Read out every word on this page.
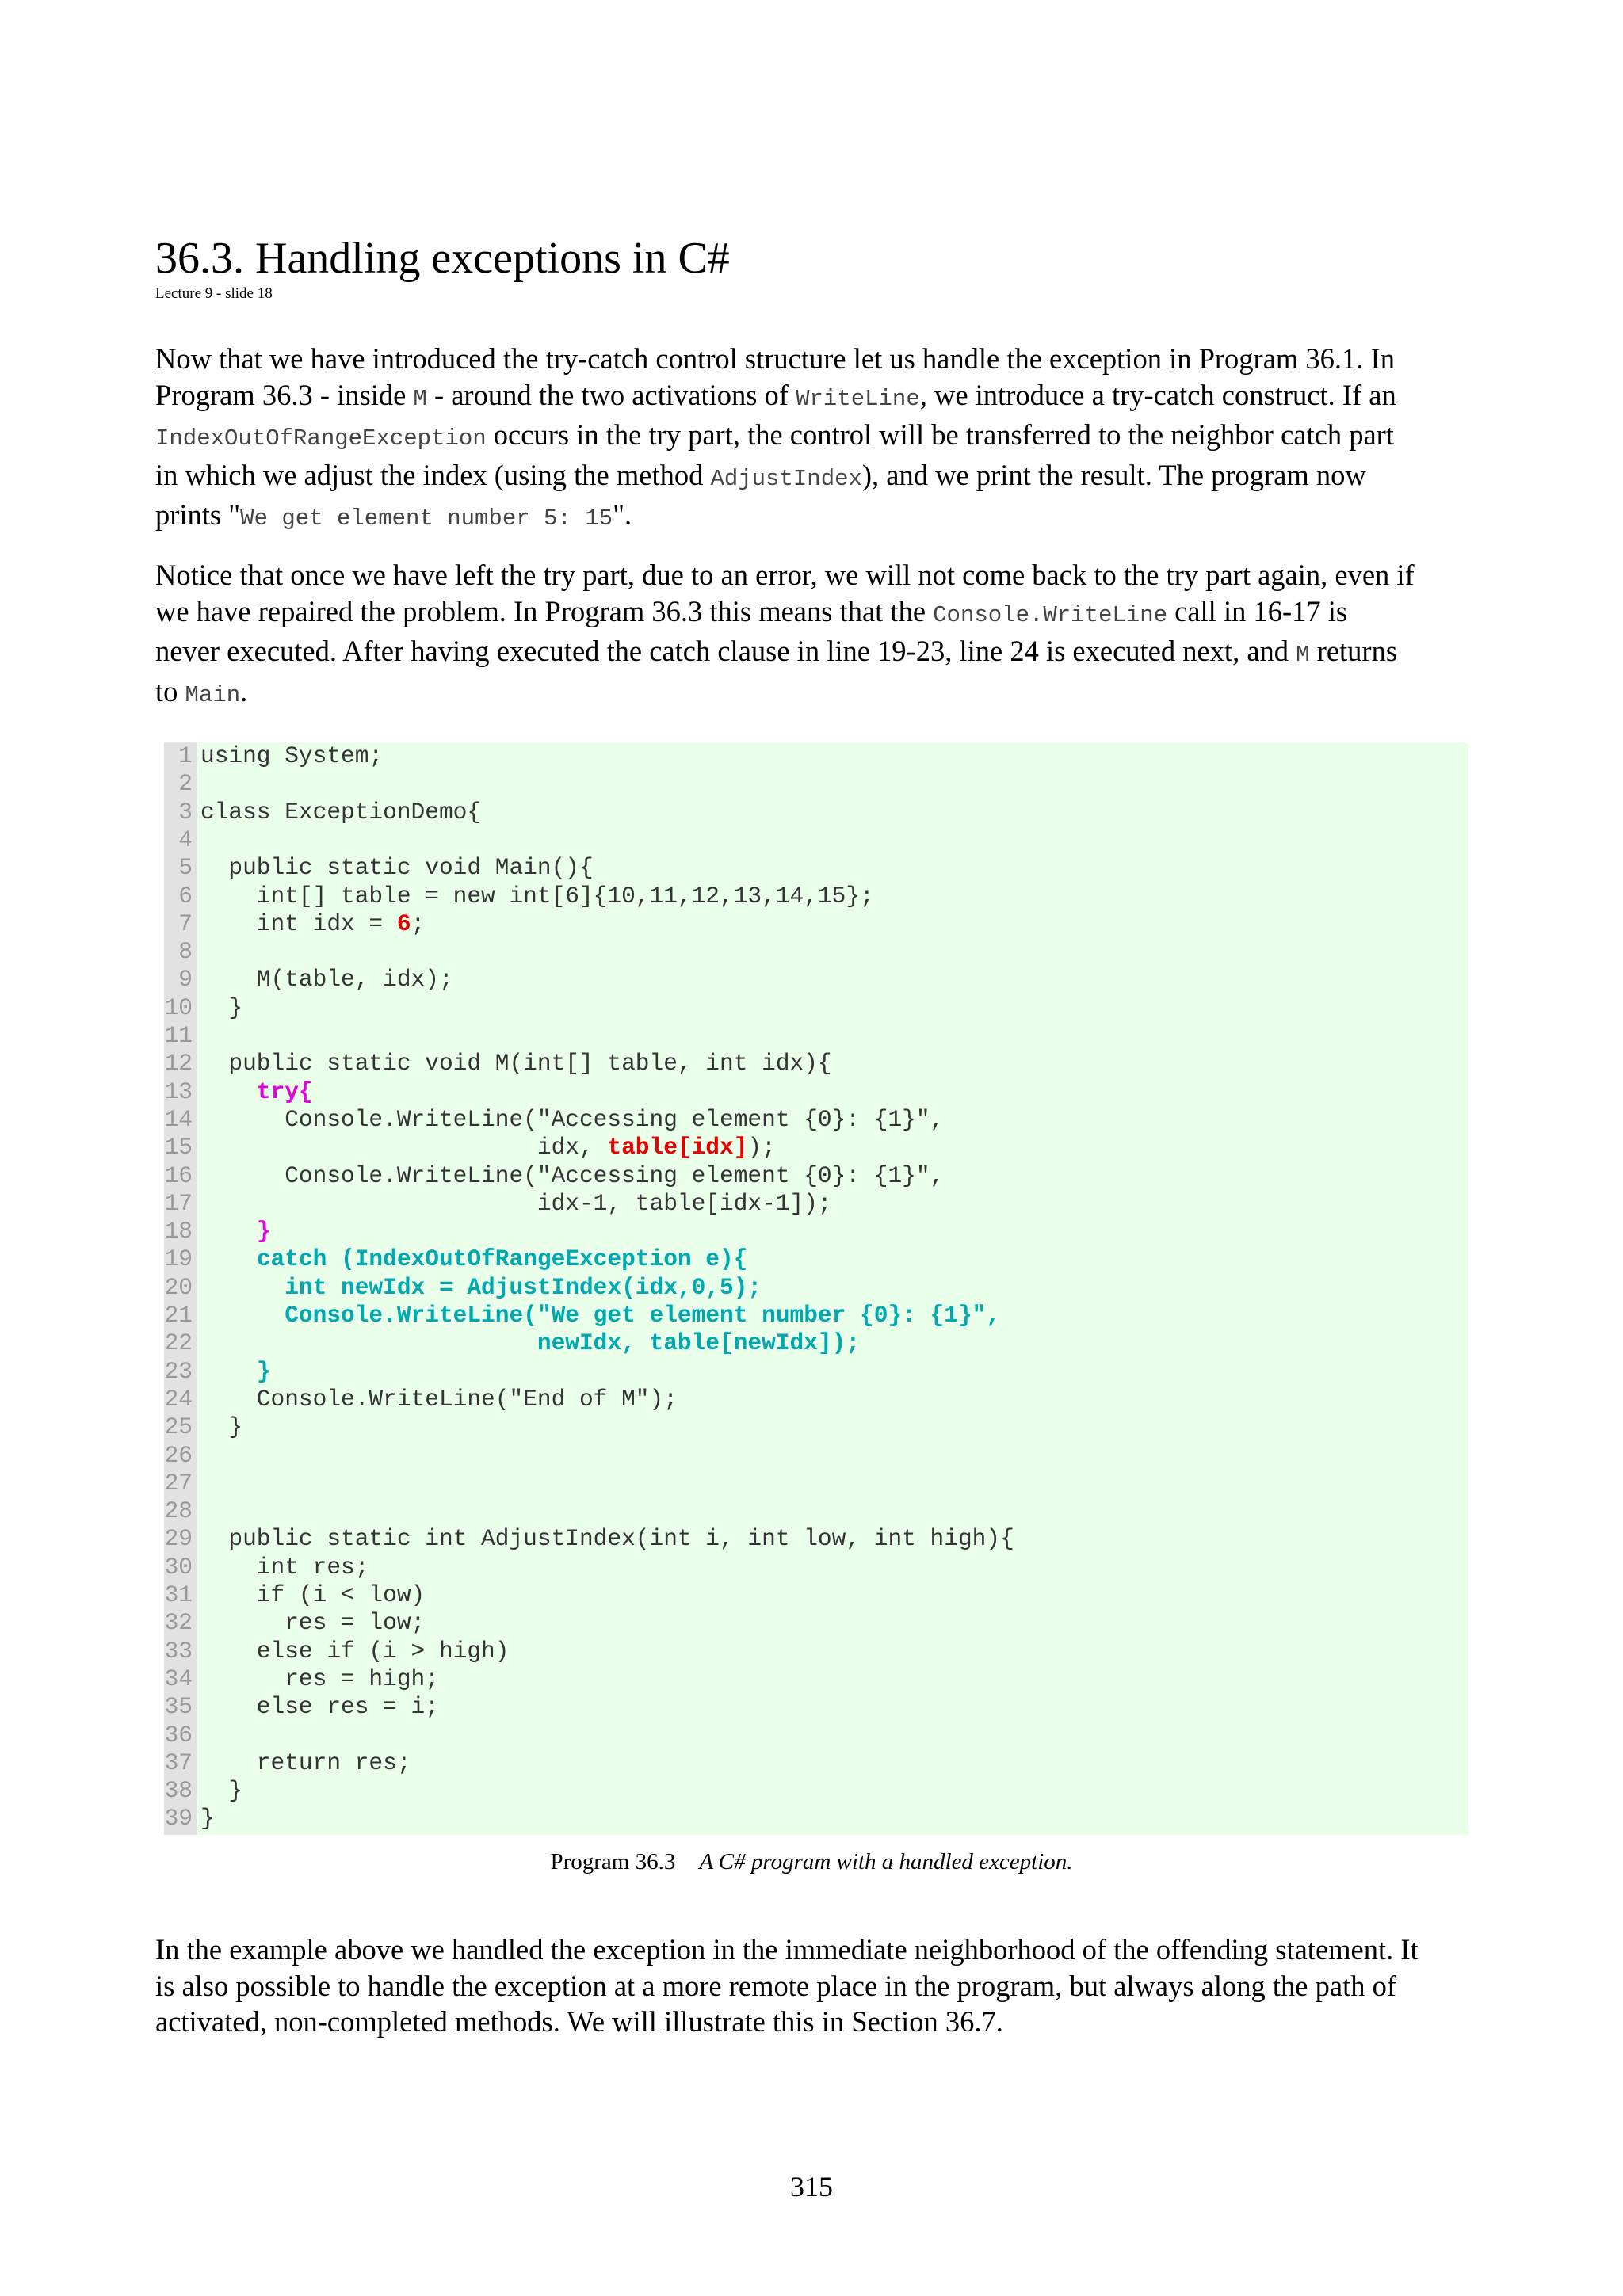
36.3. Handling exceptions in C#
Lecture 9 - slide 18
Now that we have introduced the try-catch control structure let us handle the exception in Program 36.1. In
Program 36.3 - inside M - around the two activations of WriteLine, we introduce a try-catch construct. If an
IndexOutOfRangeException occurs in the try part, the control will be transferred to the neighbor catch part
in which we adjust the index (using the method AdjustIndex), and we print the result. The program now
prints "We get element number 5: 15".
Notice that once we have left the try part, due to an error, we will not come back to the try part again, even if
we have repaired the problem. In Program 36.3 this means that the Console.WriteLine call in 16-17 is
never executed. After having executed the catch clause in line 19-23, line 24 is executed next, and M returns
to Main.
1 using System;
2
3 class ExceptionDemo{
4
5  public static void Main(){
6    int[] table = new int[6]{10,11,12,13,14,15};
7    int idx = 6;
8
9    M(table, idx);
10  }
11
12  public static void M(int[] table, int idx){
13	try{
14      Console.WriteLine("Accessing element {0}: {1}",
15                        idx, table[idx]);
16      Console.WriteLine("Accessing element {0}: {1}",
17                        idx-1, table[idx-1]);
18	}
19	catch (IndexOutOfRangeException e){
20	int newIdx = AdjustIndex(idx,0,5);
21	Console.WriteLine("We get element number {0}: {1}",
22	newIdx, table[newIdx]);
23	}
24    Console.WriteLine("End of M");
25  }
26
27
28
29  public static int AdjustIndex(int i, int low, int high){
30    int res;
31    if (i < low)
32      res = low;
33    else if (i > high)
34      res = high;
35    else res = i;
36
37    return res;
38  }
39 }
Program 36.3 A C# program with a handled exception.
In the example above we handled the exception in the immediate neighborhood of the offending statement. It
is also possible to handle the exception at a more remote place in the program, but always along the path of
activated, non-completed methods. We will illustrate this in Section 36.7.
315
